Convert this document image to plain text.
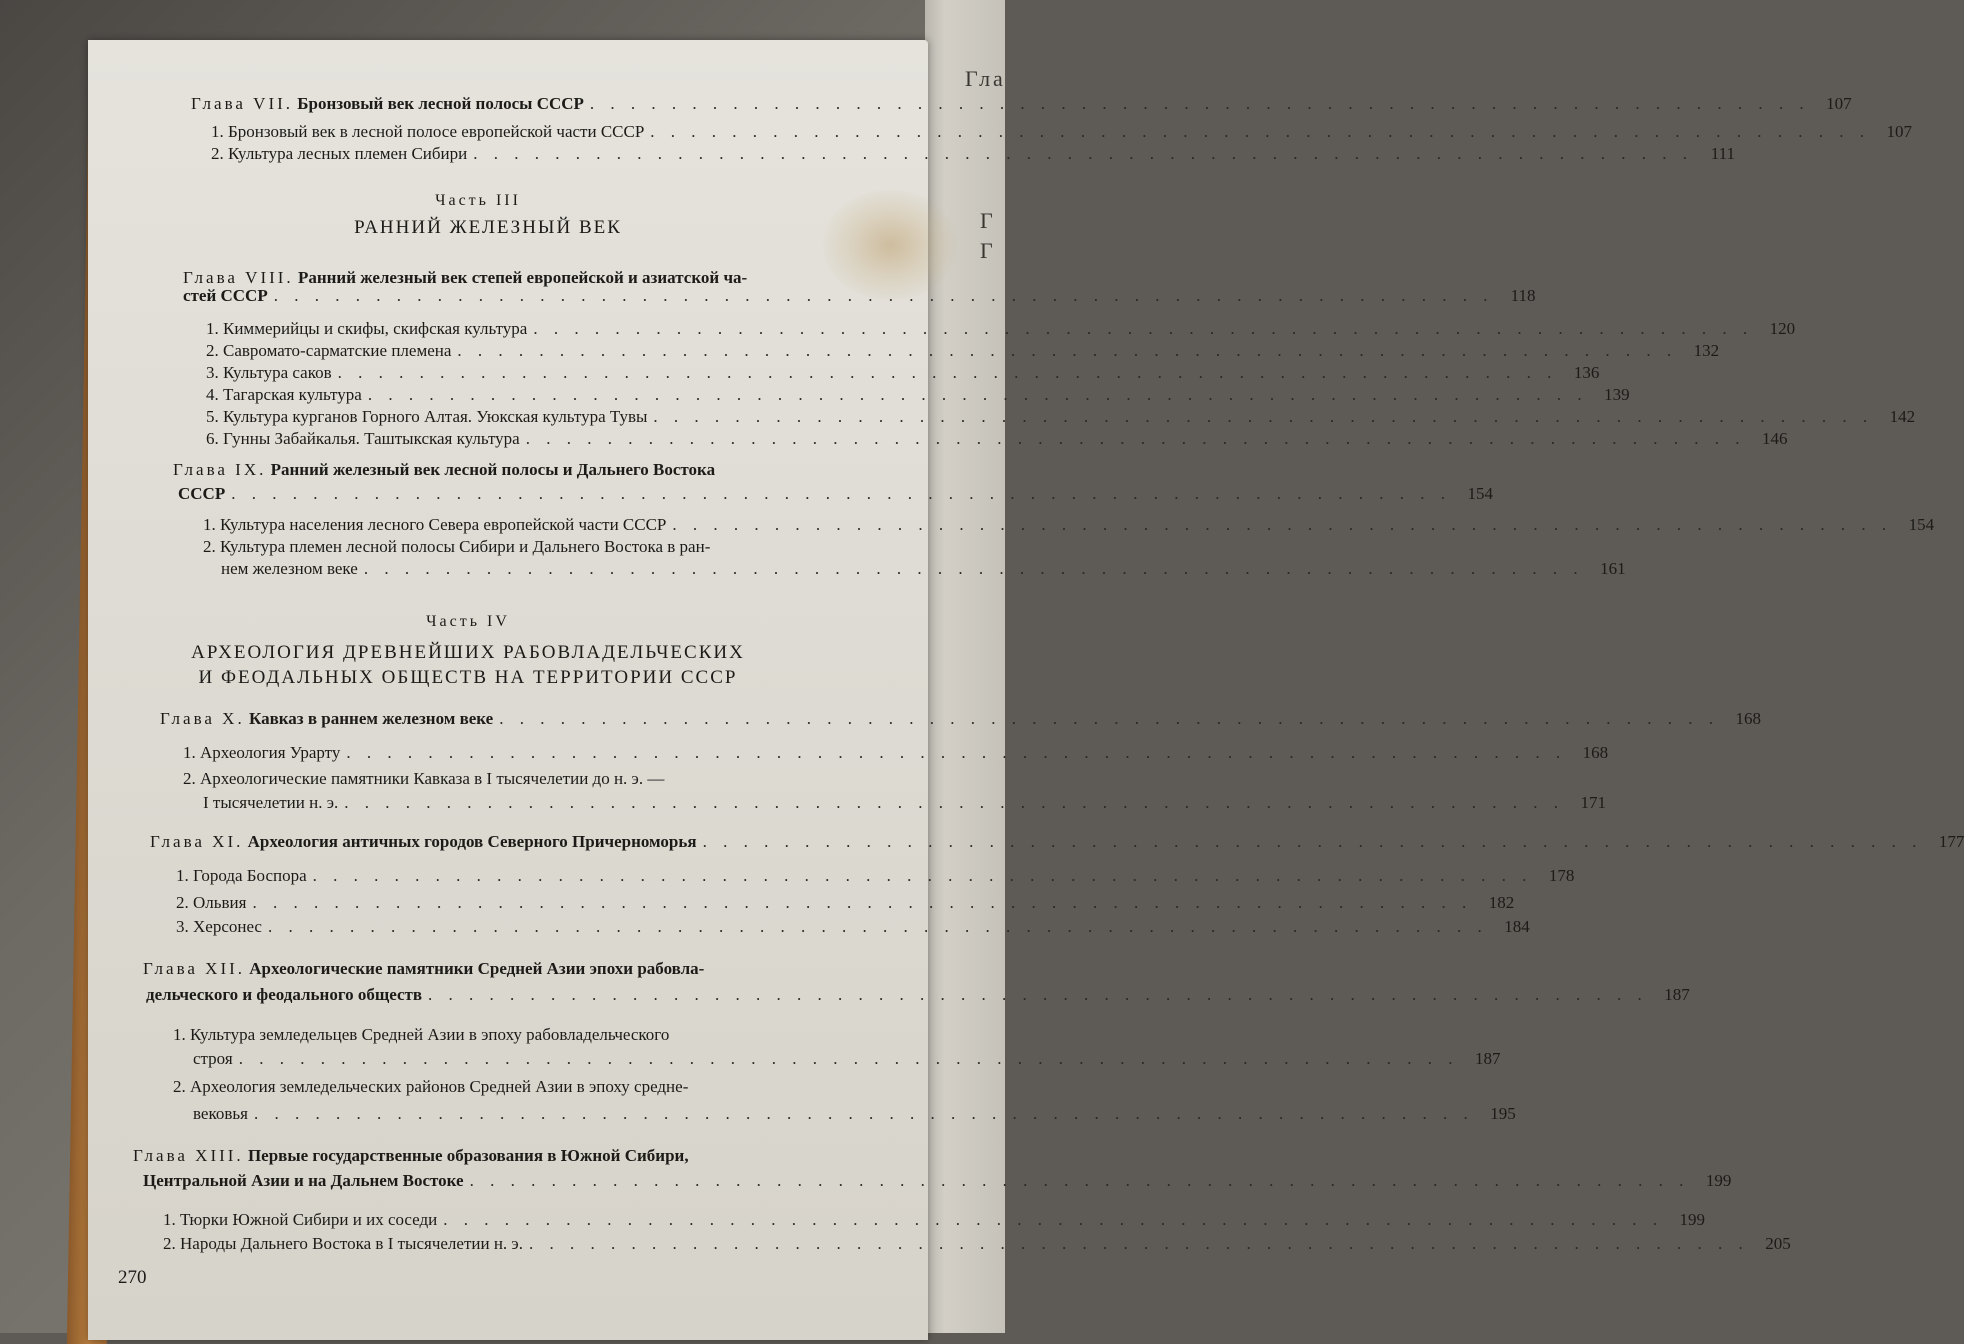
Гла
Г
Г
Глава VII. Бронзовый век лесной полосы СССР . . .	107
1. Бронзовый век в лесной полосе европейской части СССР . . .	107
2. Культура лесных племен Сибири . . .	111
Часть III
РАННИЙ ЖЕЛЕЗНЫЙ ВЕК
Глава VIII. Ранний железный век степей европейской и азиатской ча-
стей СССР . . .	118
1. Киммерийцы и скифы, скифская культура . . .	120
2. Савромато-сарматские племена . . .	132
3. Культура саков . . .	136
4. Тагарская культура . . .	139
5. Культура курганов Горного Алтая. Уюкская культура Тувы . . .	142
6. Гунны Забайкалья. Таштыкская культура . . .	146
Глава IX. Ранний железный век лесной полосы и Дальнего Востока
СССР . . .	154
1. Культура населения лесного Севера европейской части СССР . . .	154
2. Культура племен лесной полосы Сибири и Дальнего Востока в ран-
нем железном веке . . .	161
Часть IV
АРХЕОЛОГИЯ ДРЕВНЕЙШИХ РАБОВЛАДЕЛЬЧЕСКИХ
И ФЕОДАЛЬНЫХ ОБЩЕСТВ НА ТЕРРИТОРИИ СССР
Глава X. Кавказ в раннем железном веке . . .	168
1. Археология Урарту . . .	168
2. Археологические памятники Кавказа в I тысячелетии до н. э. —
I тысячелетии н. э. . . .	171
Глава XI. Археология античных городов Северного Причерноморья . . .	177
1. Города Боспора . . .	178
2. Ольвия . . .	182
3. Херсонес . . .	184
Глава XII. Археологические памятники Средней Азии эпохи рабовла-
дельческого и феодального обществ . . .	187
1. Культура земледельцев Средней Азии в эпоху рабовладельческого
строя . . .	187
2. Археология земледельческих районов Средней Азии в эпоху средне-
вековья . . .	195
Глава XIII. Первые государственные образования в Южной Сибири,
Центральной Азии и на Дальнем Востоке . . .	199
1. Тюрки Южной Сибири и их соседи . . .	199
2. Народы Дальнего Востока в I тысячелетии н. э. . . .	205
270
